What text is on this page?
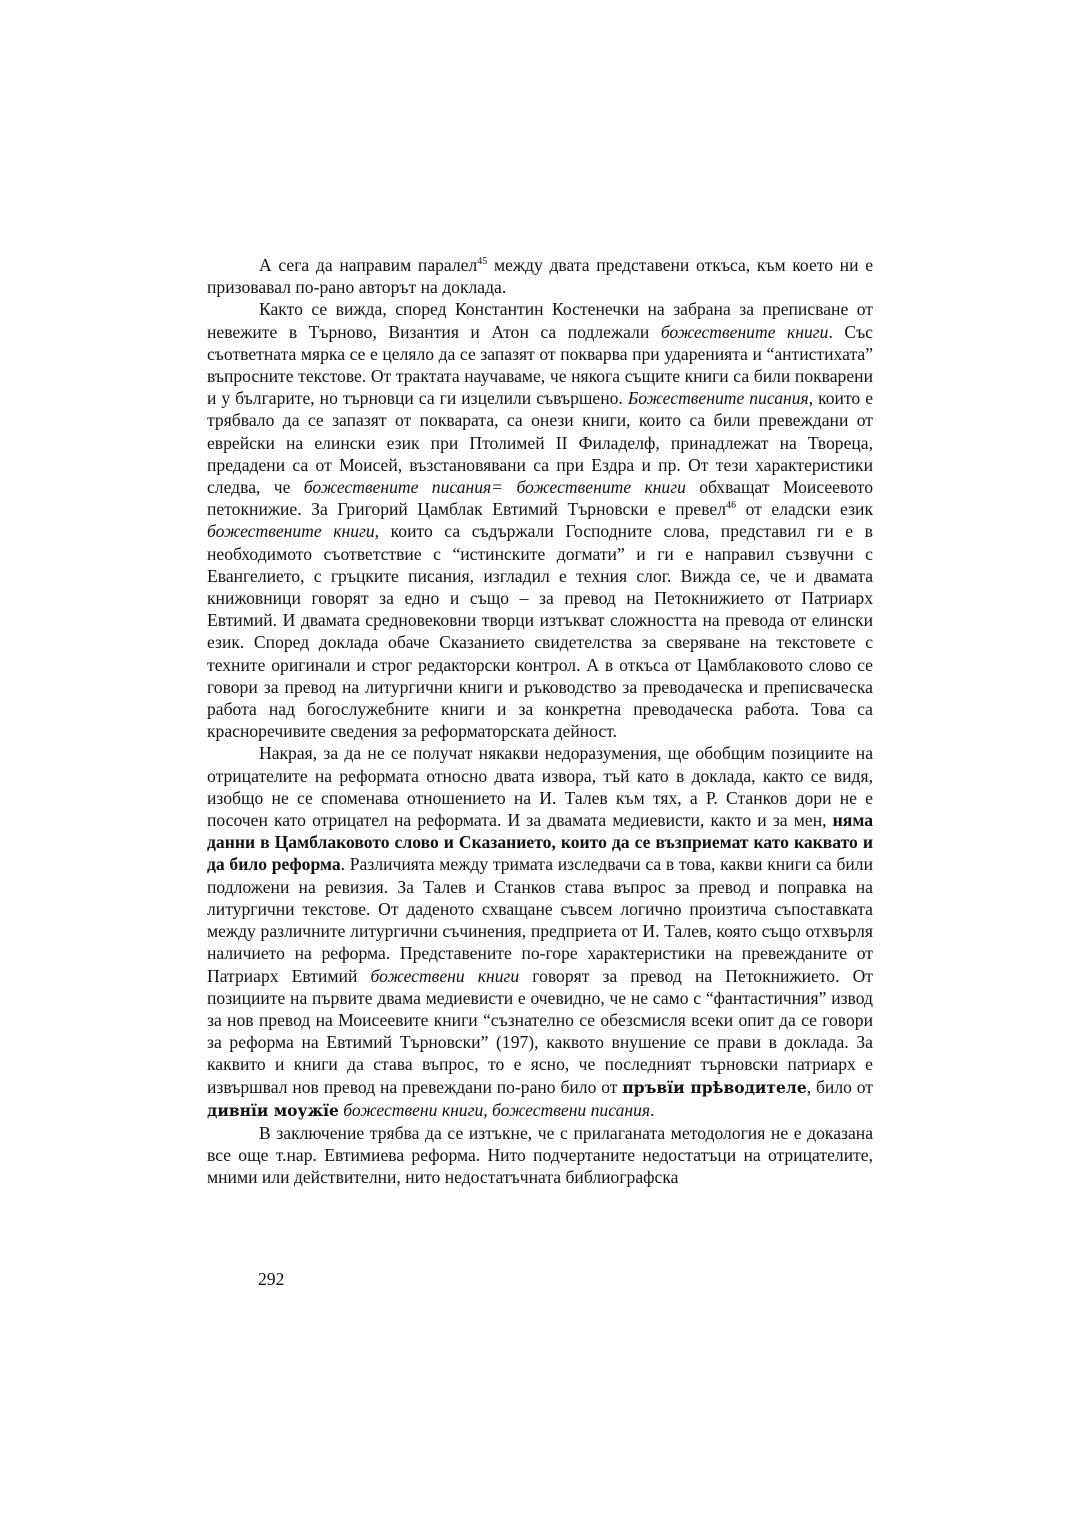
А сега да направим паралел$^{45}$ между двата представени откъса, към което ни е призовавал по-рано авторът на доклада.

Както се вижда, според Константин Костенечки на забрана за преписване от невежите в Търново, Византия и Атон са подлежали божествените книги. Със съответната мярка се е целяло да се запазят от покварва при ударенията и “антистихата” въпросните текстове. От трактата научаваме, че някога същите книги са били покварени и у българите, но търновци са ги изцелили съвършено. Божествените писания, които е трябвало да се запазят от покварата, са онези книги, които са били превеждани от еврейски на елински език при Птолимей II Филаделф, принадлежат на Твореца, предадени са от Моисей, възстановявани са при Ездра и пр. От тези характеристики следва, че божествените писания= божествените книги обхващат Моисеевото петокнижие. За Григорий Цамблак Евтимий Търновски е превел$^{46}$ от еладски език божествените книги, които са съдържали Господните слова, представил ги е в необходимото съответствие с “истинските догмати” и ги е направил съзвучни с Евангелието, с гръцките писания, изгладил е техния слог. Вижда се, че и двамата книжовници говорят за едно и също – за превод на Петокнижието от Патриарх Евтимий. И двамата средновековни творци изтъкват сложността на превода от елински език. Според доклада обаче Сказанието свидетелства за сверяване на текстовете с техните оригинали и строг редакторски контрол. А в откъса от Цамблаковото слово се говори за превод на литургични книги и ръководство за преводаческа и преписваческа работа над богослужебните книги и за конкретна преводаческа работа. Това са красноречивите сведения за реформаторската дейност.

Накрая, за да не се получат някакви недоразумения, ще обобщим позициите на отрицателите на реформата относно двата извора, тъй като в доклада, както се видя, изобщо не се споменава отношението на И. Талев към тях, а Р. Станков дори не е посочен като отрицател на реформата. И за двамата медиевисти, както и за мен, няма данни в Цамблаковото слово и Сказанието, които да се възприемат като каквато и да било реформа. Различията между тримата изследвачи са в това, какви книги са били подложени на ревизия. За Талев и Станков става въпрос за превод и поправка на литургични текстове. От даденото схващане съвсем логично произтича съпоставката между различните литургични съчинения, предприета от И. Талев, която също отхвърля наличието на реформа. Представените по-горе характеристики на превежданите от Патриарх Евтимий божествени книги говорят за превод на Петокнижието. От позициите на първите двама медиевисти е очевидно, че не само с “фантастичния” извод за нов превод на Моисеевите книги “съзнателно се обезсмисля всеки опит да се говори за реформа на Евтимий Търновски” (197), каквото внушение се прави в доклада. За каквито и книги да става въпрос, то е ясно, че последният търновски патриарх е извършвал нов превод на превеждани по-рано било от пръвїи прѣводителе, било от дивнїи моужїе божествени книги, божествени писания.

В заключение трябва да се изтъкне, че с прилаганата методология не е доказана все още т.нар. Евтимиева реформа. Нито подчертаните недостатъци на отрицателите, мними или действителни, нито недостатъчната библиографска

292
